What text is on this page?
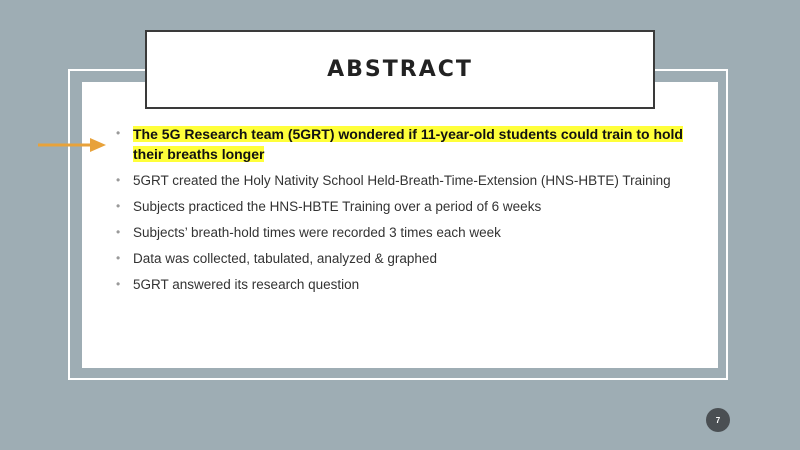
ABSTRACT
• The 5G Research team (5GRT) wondered if 11-year-old students could train to hold their breaths longer
• 5GRT created the Holy Nativity School Held-Breath-Time-Extension (HNS-HBTE) Training
• Subjects practiced the HNS-HBTE Training over a period of 6 weeks
• Subjects’ breath-hold times were recorded 3 times each week
• Data was collected, tabulated, analyzed & graphed
• 5GRT answered its research question
7
